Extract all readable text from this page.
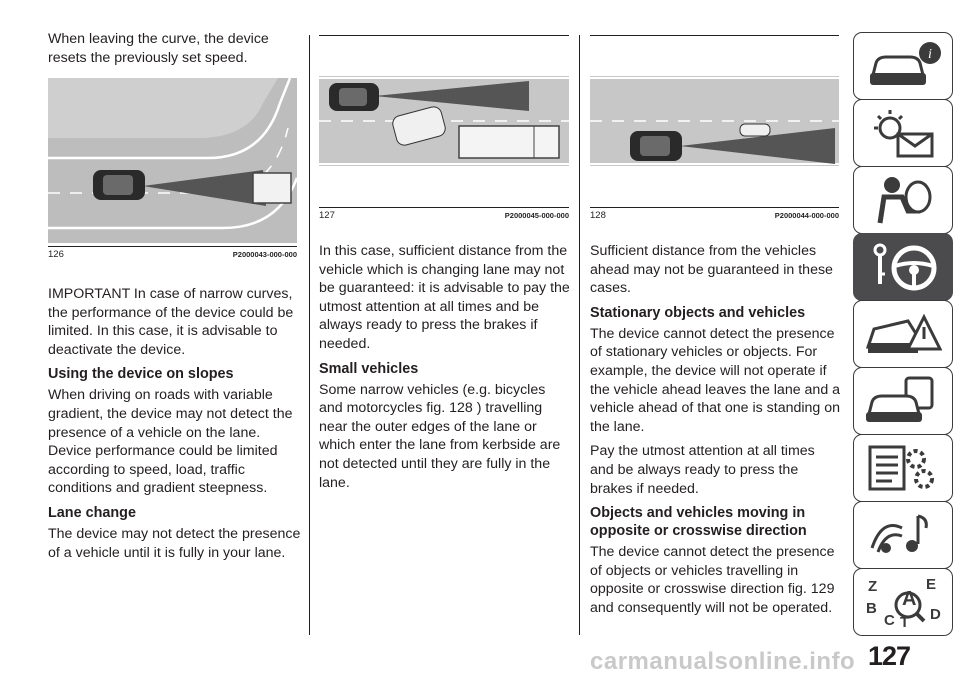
When leaving the curve, the device resets the previously set speed.

126	P2000043-000-000

IMPORTANT In case of narrow curves, the performance of the device could be limited. In this case, it is advisable to deactivate the device.

Using the device on slopes

When driving on roads with variable gradient, the device may not detect the presence of a vehicle on the lane. Device performance could be limited according to speed, load, traffic conditions and gradient steepness.

Lane change

The device may not detect the presence of a vehicle until it is fully in your lane.

127	P2000045-000-000

In this case, sufficient distance from the vehicle which is changing lane may not be guaranteed: it is advisable to pay the utmost attention at all times and be always ready to press the brakes if needed.

Small vehicles

Some narrow vehicles (e.g. bicycles and motorcycles fig. 128 ) travelling near the outer edges of the lane or which enter the lane from kerbside are not detected until they are fully in the lane.

128	P2000044-000-000

Sufficient distance from the vehicles ahead may not be guaranteed in these cases.

Stationary objects and vehicles

The device cannot detect the presence of stationary vehicles or objects. For example, the device will not operate if the vehicle ahead leaves the lane and a vehicle ahead of that one is standing on the lane.

Pay the utmost attention at all times and be always ready to press the brakes if needed.

Objects and vehicles moving in opposite or crosswise direction

The device cannot detect the presence of objects or vehicles travelling in opposite or crosswise direction fig. 129 and consequently will not be operated.

i
Z	E
A
B
C T D
127
carmanualsonline.info
